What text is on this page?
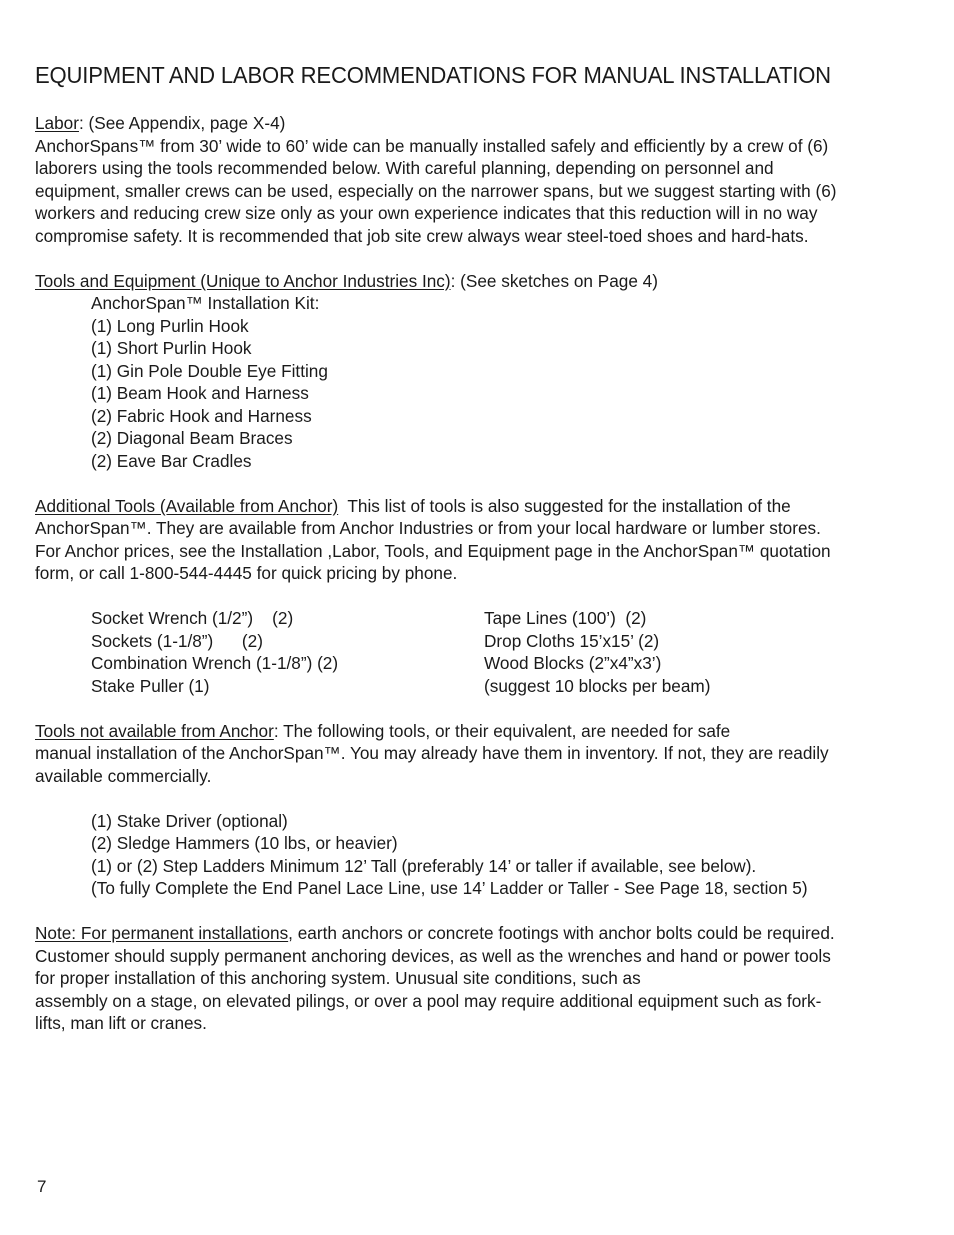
EQUIPMENT AND LABOR RECOMMENDATIONS FOR MANUAL INSTALLATION

Labor: (See Appendix, page X-4)

AnchorSpans™ from 30’ wide to 60’ wide can be manually installed safely and efficiently by a crew of (6)

laborers using the tools recommended below. With careful planning, depending on personnel and

equipment, smaller crews can be used, especially on the narrower spans, but we suggest starting with (6)

workers and reducing crew size only as your own experience indicates that this reduction will in no way

compromise safety. It is recommended that job site crew always wear steel-toed shoes and hard-hats.

Tools and Equipment (Unique to Anchor Industries Inc): (See sketches on Page 4)

AnchorSpan™ Installation Kit:

(1) Long Purlin Hook
(1) Short Purlin Hook
(1) Gin Pole Double Eye Fitting
(1) Beam Hook and Harness
(2) Fabric Hook and Harness
(2) Diagonal Beam Braces
(2) Eave Bar Cradles

Additional Tools (Available from Anchor)  This list of tools is also suggested for the installation of the

AnchorSpan™. They are available from Anchor Industries or from your local hardware or lumber stores.

For Anchor prices, see the Installation ,Labor, Tools, and Equipment page in the AnchorSpan™ quotation

form, or call 1-800-544-4445 for quick pricing by phone.

Socket Wrench (1/2”)    (2)	Tape Lines (100’)  (2)
Sockets (1-1/8”)      (2)	Drop Cloths 15’x15’ (2)
Combination Wrench (1-1/8”) (2)	Wood Blocks (2”x4”x3’)
Stake Puller (1)	(suggest 10 blocks per beam)

Tools not available from Anchor: The following tools, or their equivalent, are needed for safe

manual installation of the AnchorSpan™. You may already have them in inventory. If not, they are readily

available commercially.

(1) Stake Driver (optional)
(2) Sledge Hammers (10 lbs, or heavier)
(1) or (2) Step Ladders Minimum 12’ Tall (preferably 14’ or taller if available, see below).
(To fully Complete the End Panel Lace Line, use 14’ Ladder or Taller - See Page 18, section 5)

Note: For permanent installations, earth anchors or concrete footings with anchor bolts could be required.

Customer should supply permanent anchoring devices, as well as the wrenches and hand or power tools

for proper installation of this anchoring system. Unusual site conditions, such as

assembly on a stage, on elevated pilings, or over a pool may require additional equipment such as fork-

lifts, man lift or cranes.

7
